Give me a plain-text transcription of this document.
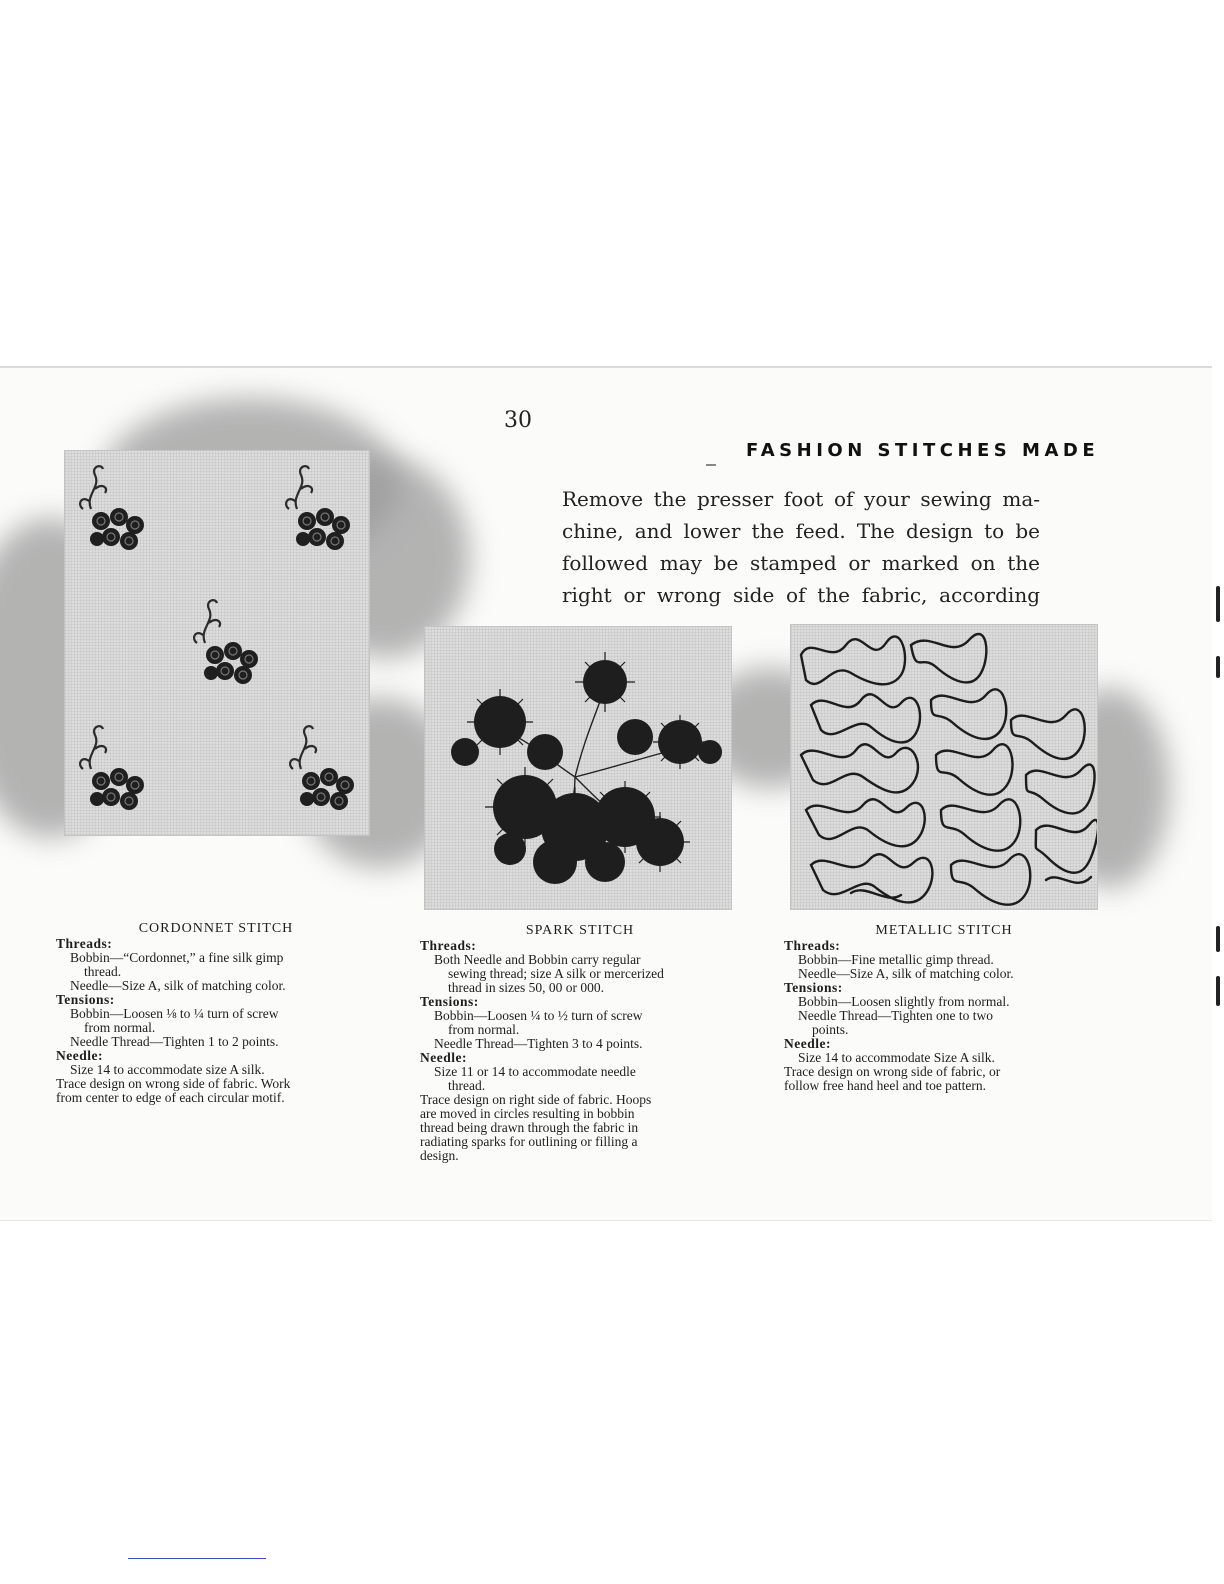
30
FASHION STITCHES MADE
Remove the presser foot of your sewing ma-
chine, and lower the feed. The design to be
followed may be stamped or marked on the
right or wrong side of the fabric, according
CORDONNET STITCH
Threads:
Bobbin—“Cordonnet,” a fine silk gimp
thread.
Needle—Size A, silk of matching color.
Tensions:
Bobbin—Loosen ⅛ to ¼ turn of screw
from normal.
Needle Thread—Tighten 1 to 2 points.
Needle:
Size 14 to accommodate size A silk.
Trace design on wrong side of fabric. Work
from center to edge of each circular motif.
SPARK STITCH
Threads:
Both Needle and Bobbin carry regular
sewing thread; size A silk or mercerized
thread in sizes 50, 00 or 000.
Tensions:
Bobbin—Loosen ¼ to ½ turn of screw
from normal.
Needle Thread—Tighten 3 to 4 points.
Needle:
Size 11 or 14 to accommodate needle
thread.
Trace design on right side of fabric. Hoops
are moved in circles resulting in bobbin
thread being drawn through the fabric in
radiating sparks for outlining or filling a
design.
METALLIC STITCH
Threads:
Bobbin—Fine metallic gimp thread.
Needle—Size A, silk of matching color.
Tensions:
Bobbin—Loosen slightly from normal.
Needle Thread—Tighten one to two
points.
Needle:
Size 14 to accommodate Size A silk.
Trace design on wrong side of fabric, or
follow free hand heel and toe pattern.
